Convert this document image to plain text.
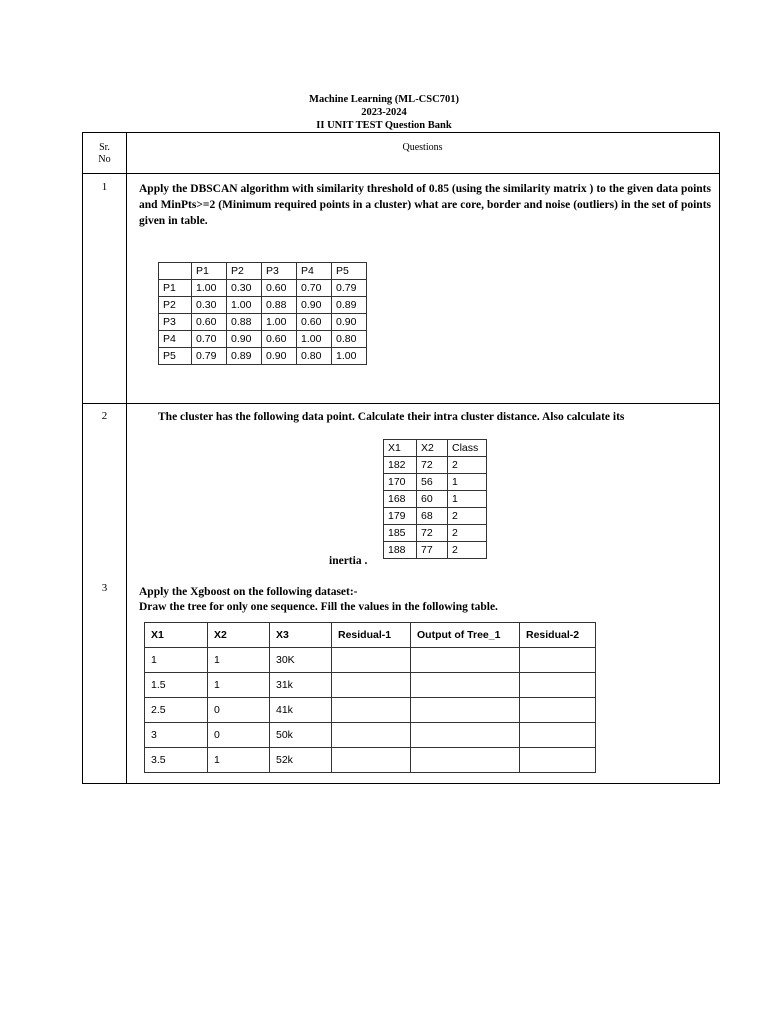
Machine Learning (ML-CSC701)
2023-2024
II UNIT TEST Question Bank
Sr.
No
Questions
1	Apply the DBSCAN algorithm with similarity threshold of 0.85 (using the similarity matrix ) to the given data points and MinPts>=2 (Minimum required points in a cluster) what are core, border and noise (outliers) in the set of points given in table.
	P1	P2	P3	P4	P5
P1	1.00	0.30	0.60	0.70	0.79
P2	0.30	1.00	0.88	0.90	0.89
P3	0.60	0.88	1.00	0.60	0.90
P4	0.70	0.90	0.60	1.00	0.80
P5	0.79	0.89	0.90	0.80	1.00
2	The cluster has the following data point. Calculate their intra cluster distance. Also calculate its
X1	X2	Class
182	72	2
170	56	1
168	60	1
179	68	2
185	72	2
188	77	2
inertia .
3	Apply the Xgboost on the following dataset:-
Draw the tree for only one sequence. Fill the values in the following table.
X1	X2	X3	Residual-1	Output of Tree_1	Residual-2
1	1	30K			
1.5	1	31k			
2.5	0	41k			
3	0	50k			
3.5	1	52k			
